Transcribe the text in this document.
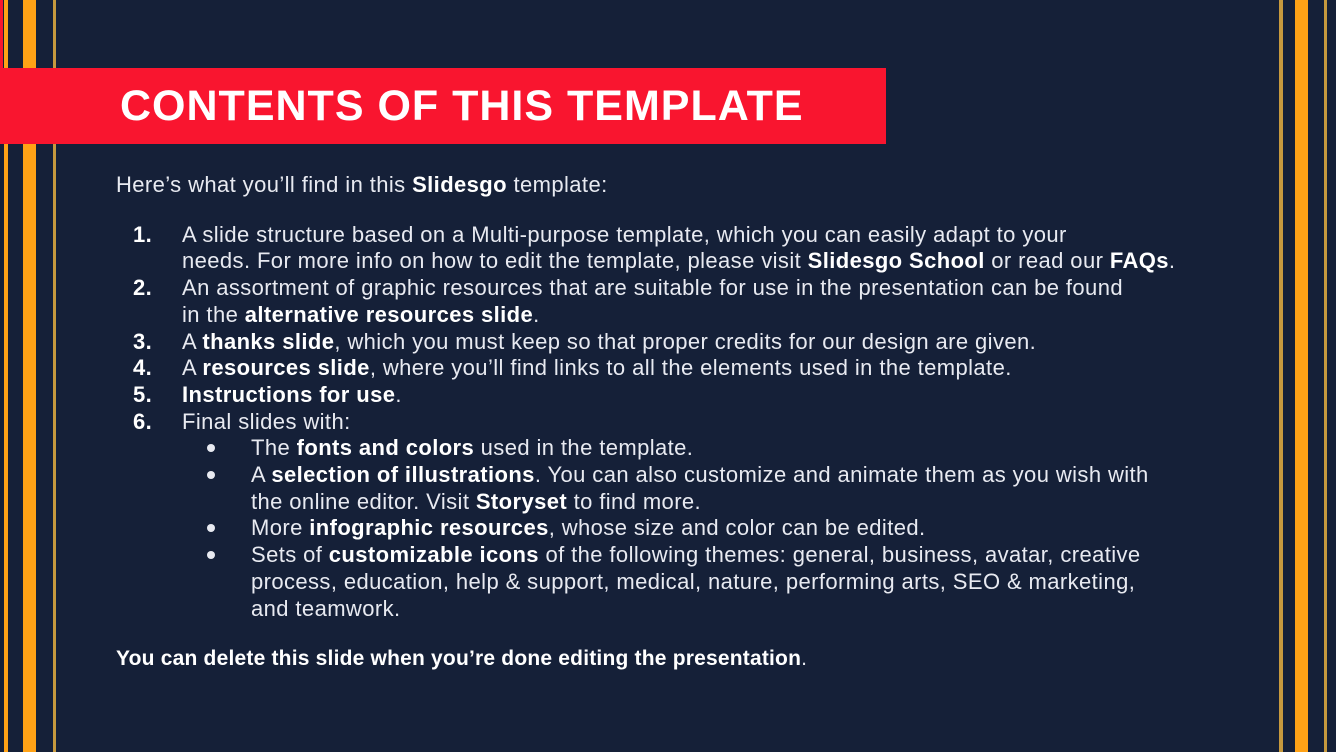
CONTENTS OF THIS TEMPLATE

Here’s what you’ll find in this Slidesgo template:

1.	A slide structure based on a Multi-purpose template, which you can easily adapt to your
needs. For more info on how to edit the template, please visit Slidesgo School or read our FAQs.
2.	An assortment of graphic resources that are suitable for use in the presentation can be found
in the alternative resources slide.
3.	A thanks slide, which you must keep so that proper credits for our design are given.
4.	A resources slide, where you’ll find links to all the elements used in the template.
5.	Instructions for use.
6.	Final slides with:
The fonts and colors used in the template.
A selection of illustrations. You can also customize and animate them as you wish with
the online editor. Visit Storyset to find more.
More infographic resources, whose size and color can be edited.
Sets of customizable icons of the following themes: general, business, avatar, creative
process, education, help & support, medical, nature, performing arts, SEO & marketing,
and teamwork.

You can delete this slide when you’re done editing the presentation.
